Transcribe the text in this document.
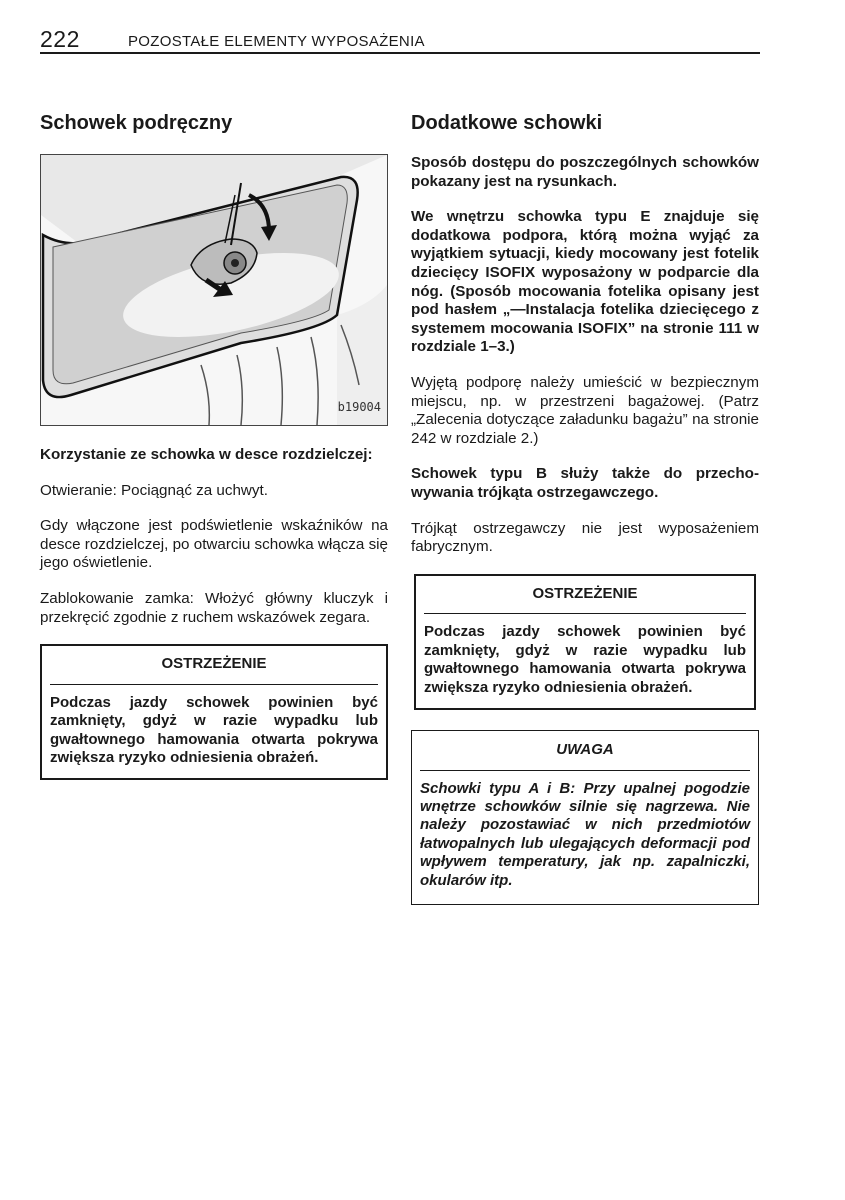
222	POZOSTAŁE ELEMENTY WYPOSAŻENIA
Schowek podręczny
b19004

Korzystanie ze schowka w desce rozdzielczej:

Otwieranie: Pociągnąć za uchwyt.

Gdy włączone jest podświetlenie wskaźników na desce rozdzielczej, po otwarciu schowka włącza się jego oświetlenie.

Zablokowanie zamka: Włożyć główny kluczyk i przekręcić zgodnie z ruchem wskazówek zegara.

OSTRZEŻENIE
Podczas jazdy schowek powinien być zamknięty, gdyż w razie wypadku lub gwałtownego hamowania otwarta pokrywa zwiększa ryzyko odniesienia obrażeń.
Dodatkowe schowki

Sposób dostępu do poszczególnych schowków pokazany jest na rysunkach.

We wnętrzu schowka typu E znajduje się dodatkowa podpora, którą można wyjąć za wyjątkiem sytuacji, kiedy mocowany jest fotelik dziecięcy ISOFIX wyposażony w podparcie dla nóg. (Sposób mocowania fotelika opisany jest pod hasłem „—Instalacja fotelika dziecięcego z systemem mocowania ISOFIX” na stronie 111 w rozdziale 1–3.)

Wyjętą podporę należy umieścić w bezpiecznym miejscu, np. w przestrzeni bagażowej. (Patrz „Zalecenia dotyczące załadunku bagażu” na stronie 242 w rozdziale 2.)

Schowek typu B służy także do przechowywania trójkąta ostrzegawczego.

Trójkąt ostrzegawczy nie jest wyposażeniem fabrycznym.

OSTRZEŻENIE
Podczas jazdy schowek powinien być zamknięty, gdyż w razie wypadku lub gwałtownego hamowania otwarta pokrywa zwiększa ryzyko odniesienia obrażeń.
UWAGA
Schowki typu A i B: Przy upalnej pogodzie wnętrze schowków silnie się nagrzewa. Nie należy pozostawiać w nich przedmiotów łatwopalnych lub ulegających deformacji pod wpływem temperatury, jak np. zapalniczki, okularów itp.
